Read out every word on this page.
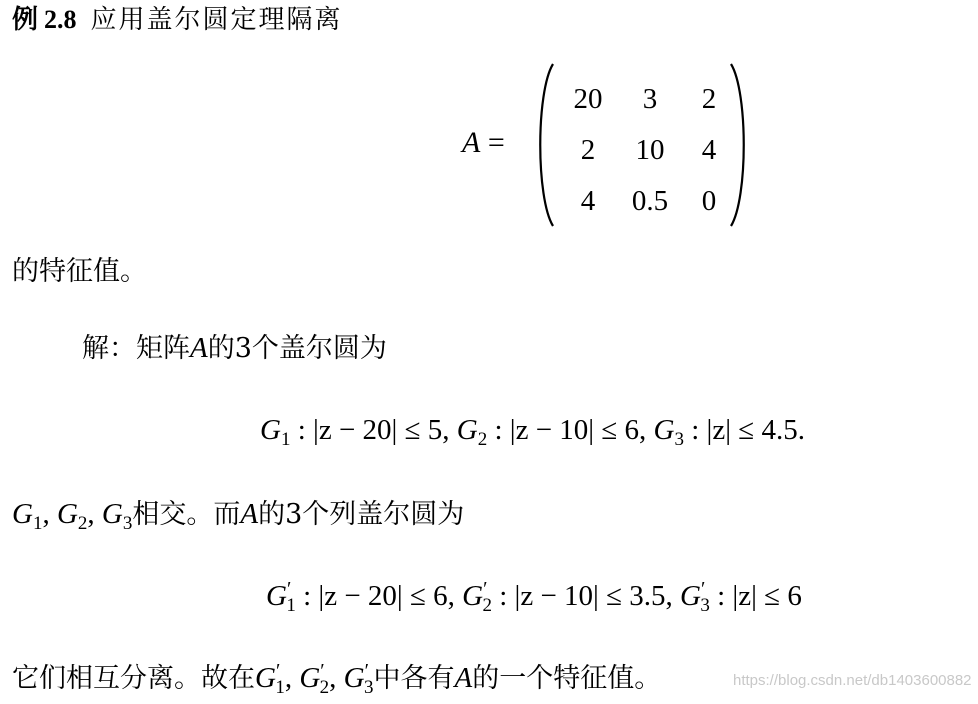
例 2.8 应用盖尔圆定理隔离
A =
20	3	2
2	10	4
4	0.5	0
的特征值。
解：矩阵A的3个盖尔圆为
$G_1$ : |z − 20| ≤ 5, $G_2$ : |z − 10| ≤ 6, $G_3$ : |z| ≤ 4.5.
$G_1$, $G_2$, $G_3$相交。而A的3个列盖尔圆为
$G'_1$ : |z − 20| ≤ 6, $G'_2$ : |z − 10| ≤ 3.5, $G'_3$ : |z| ≤ 6
它们相互分离。故在$G'_1$, $G'_2$, $G'_3$中各有A的一个特征值。	https://blog.csdn.net/db1403600882
